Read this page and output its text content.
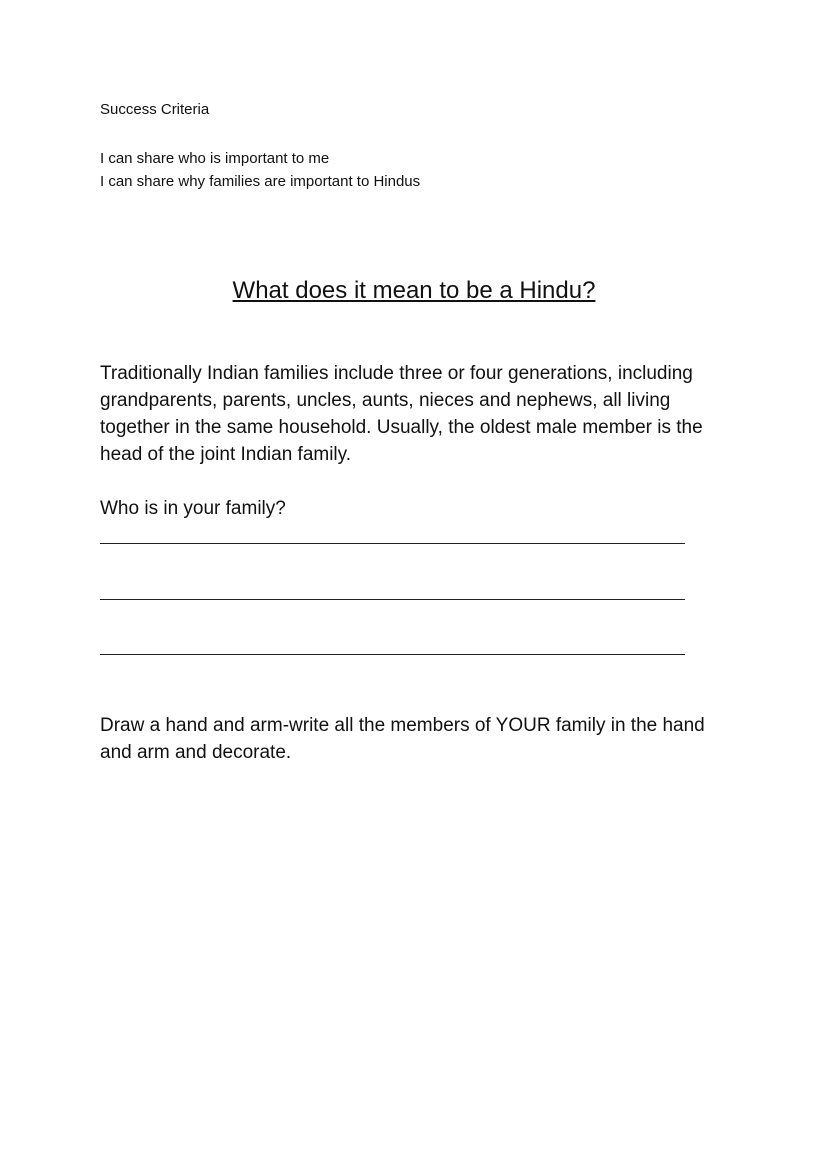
Success Criteria
I can share who is important to me
I can share why families are important to Hindus
What does it mean to be a Hindu?

Traditionally Indian families include three or four generations, including grandparents, parents, uncles, aunts, nieces and nephews, all living together in the same household. Usually, the oldest male member is the head of the joint Indian family.

Who is in your family?

Draw a hand and arm-write all the members of YOUR family in the hand and arm and decorate.
